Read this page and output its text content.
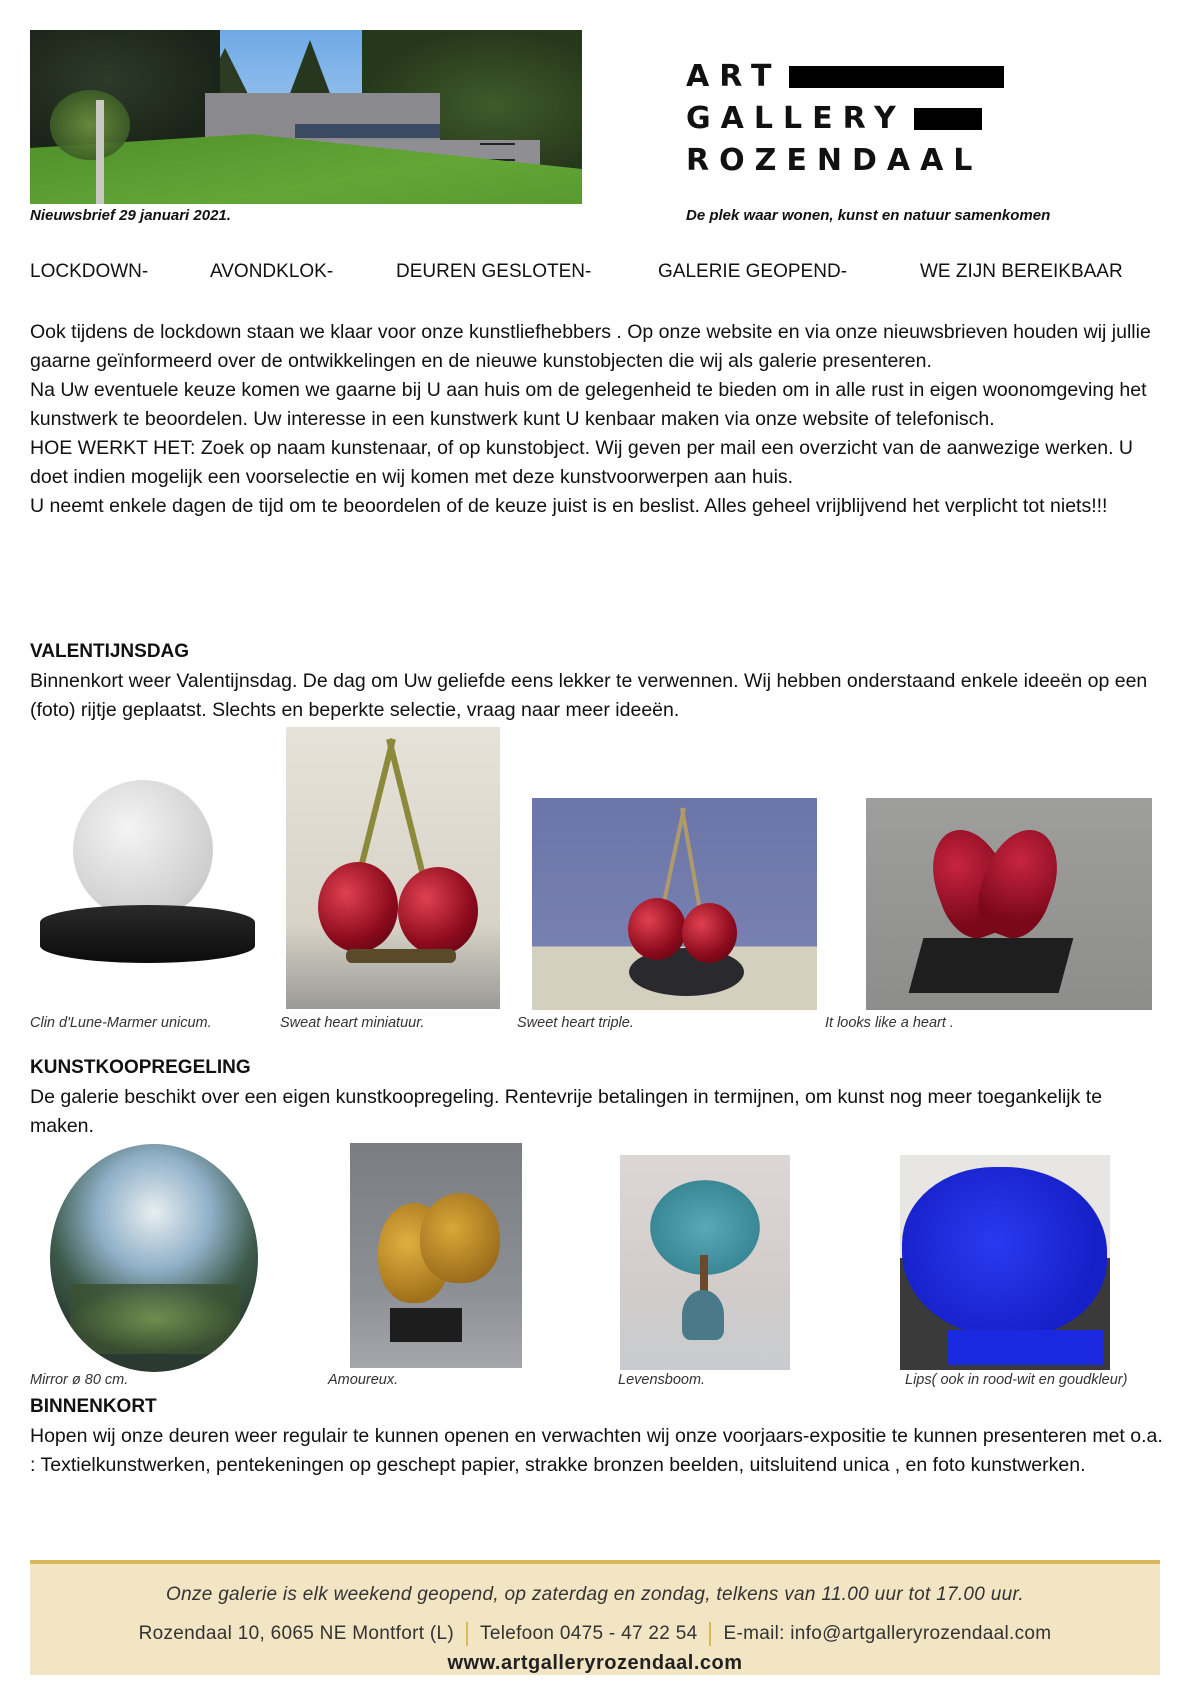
Nieuwsbrief 29 januari 2021.
ART
GALLERY
ROZENDAAL
De plek waar wonen, kunst en natuur samenkomen
LOCKDOWN-	AVONDKLOK-	DEUREN GESLOTEN-	GALERIE GEOPEND-	WE ZIJN BEREIKBAAR
Ook tijdens de lockdown staan we klaar voor onze kunstliefhebbers . Op onze website en via onze nieuwsbrieven houden wij jullie gaarne geïnformeerd over de ontwikkelingen en de nieuwe kunstobjecten die wij als galerie presenteren.
Na Uw eventuele keuze komen we gaarne bij U aan huis om de gelegenheid te bieden om in alle rust in eigen woonomgeving het kunstwerk te beoordelen. Uw interesse in een kunstwerk kunt U kenbaar maken via onze website of telefonisch.
HOE WERKT HET: Zoek op naam kunstenaar, of op kunstobject. Wij geven per mail een overzicht van de aanwezige werken. U doet indien mogelijk een voorselectie en wij komen met deze kunstvoorwerpen aan huis.
U neemt enkele dagen de tijd om te beoordelen of de keuze juist is en beslist. Alles geheel vrijblijvend het verplicht tot niets!!!
VALENTIJNSDAG
Binnenkort weer Valentijnsdag. De dag om Uw geliefde eens lekker te verwennen. Wij hebben onderstaand enkele ideeën op een (foto) rijtje geplaatst. Slechts en beperkte selectie, vraag naar meer ideeën.
Clin d'Lune-Marmer unicum.	Sweat heart miniatuur.	Sweet heart triple.	It looks like a heart .
KUNSTKOOPREGELING
De galerie beschikt over een eigen kunstkoopregeling. Rentevrije betalingen in termijnen, om kunst nog meer toegankelijk te maken.
Mirror ø 80 cm.	Amoureux.	Levensboom.	Lips( ook in rood-wit en goudkleur)
BINNENKORT
Hopen wij onze deuren weer regulair te kunnen openen en verwachten wij onze voorjaars-expositie te kunnen presenteren met o.a. : Textielkunstwerken, pentekeningen op geschept papier, strakke bronzen beelden, uitsluitend unica , en foto kunstwerken.
Onze galerie is elk weekend geopend, op zaterdag en zondag, telkens van 11.00 uur tot 17.00 uur.
Rozendaal 10, 6065 NE Montfort (L) Telefoon 0475 - 47 22 54 E-mail: info@artgalleryrozendaal.com
www.artgalleryrozendaal.com
